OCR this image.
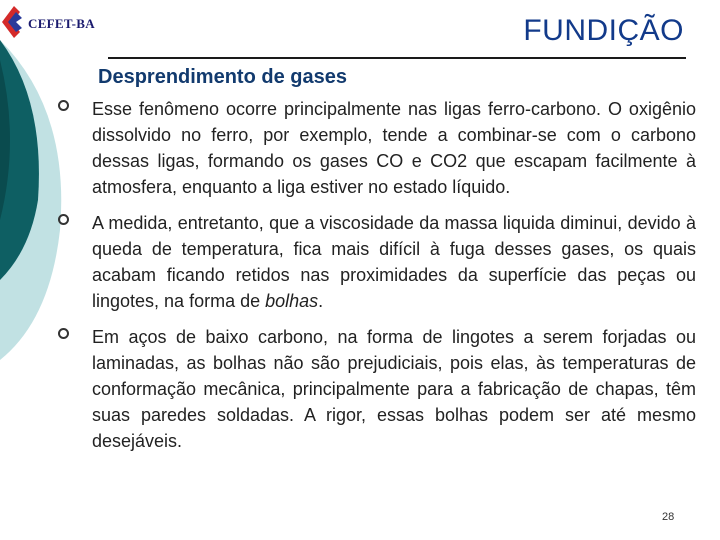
CEFET-BA	FUNDIÇÃO
Desprendimento de gases
Esse fenômeno ocorre principalmente nas ligas ferro-carbono. O oxigênio dissolvido no ferro, por exemplo, tende a combinar-se com o carbono dessas ligas, formando os gases CO e CO2 que escapam facilmente à atmosfera, enquanto a liga estiver no estado líquido.
A medida, entretanto, que a viscosidade da massa liquida diminui, devido à queda de temperatura, fica mais difícil à fuga desses gases, os quais acabam ficando retidos nas proximidades da superfície das peças ou lingotes, na forma de bolhas.
Em aços de baixo carbono, na forma de lingotes a serem forjadas ou laminadas, as bolhas não são prejudiciais, pois elas, às temperaturas de conformação mecânica, principalmente para a fabricação de chapas, têm suas paredes soldadas. A rigor, essas bolhas podem ser até mesmo desejáveis.
28
